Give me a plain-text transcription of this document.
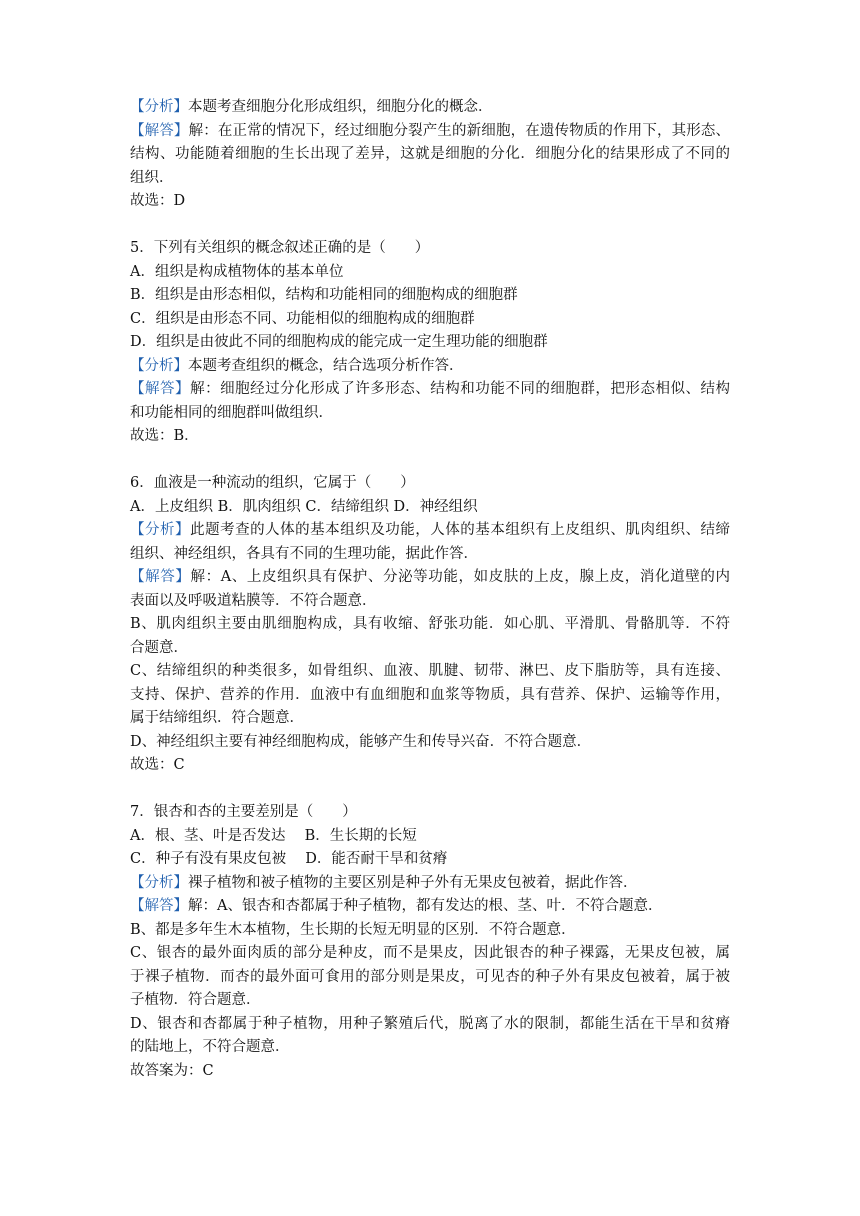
【分析】本题考查细胞分化形成组织，细胞分化的概念．

【解答】解：在正常的情况下，经过细胞分裂产生的新细胞，在遗传物质的作用下，其形态、

结构、功能随着细胞的生长出现了差异，这就是细胞的分化．细胞分化的结果形成了不同的

组织．

故选：D

5．下列有关组织的概念叙述正确的是（　　）

A．组织是构成植物体的基本单位

B．组织是由形态相似，结构和功能相同的细胞构成的细胞群

C．组织是由形态不同、功能相似的细胞构成的细胞群

D．组织是由彼此不同的细胞构成的能完成一定生理功能的细胞群

【分析】本题考查组织的概念，结合选项分析作答．

【解答】解：细胞经过分化形成了许多形态、结构和功能不同的细胞群，把形态相似、结构

和功能相同的细胞群叫做组织．

故选：B．

6．血液是一种流动的组织，它属于（　　）

A．上皮组织 B．肌肉组织 C．结缔组织 D．神经组织

【分析】此题考查的人体的基本组织及功能，人体的基本组织有上皮组织、肌肉组织、结缔

组织、神经组织，各具有不同的生理功能，据此作答．

【解答】解：A、上皮组织具有保护、分泌等功能，如皮肤的上皮，腺上皮，消化道壁的内

表面以及呼吸道粘膜等．不符合题意．

B、肌肉组织主要由肌细胞构成，具有收缩、舒张功能．如心肌、平滑肌、骨骼肌等．不符

合题意．

C、结缔组织的种类很多，如骨组织、血液、肌腱、韧带、淋巴、皮下脂肪等，具有连接、

支持、保护、营养的作用．血液中有血细胞和血浆等物质，具有营养、保护、运输等作用，

属于结缔组织．符合题意．

D、神经组织主要有神经细胞构成，能够产生和传导兴奋．不符合题意．

故选：C

7．银杏和杏的主要差别是（　　）

A．根、茎、叶是否发达　 B．生长期的长短

C．种子有没有果皮包被　 D．能否耐干旱和贫瘠

【分析】裸子植物和被子植物的主要区别是种子外有无果皮包被着，据此作答．

【解答】解：A、银杏和杏都属于种子植物，都有发达的根、茎、叶．不符合题意．

B、都是多年生木本植物，生长期的长短无明显的区别．不符合题意．

C、银杏的最外面肉质的部分是种皮，而不是果皮，因此银杏的种子裸露，无果皮包被，属

于裸子植物．而杏的最外面可食用的部分则是果皮，可见杏的种子外有果皮包被着，属于被

子植物．符合题意．

D、银杏和杏都属于种子植物，用种子繁殖后代，脱离了水的限制，都能生活在干旱和贫瘠

的陆地上，不符合题意．

故答案为：C
